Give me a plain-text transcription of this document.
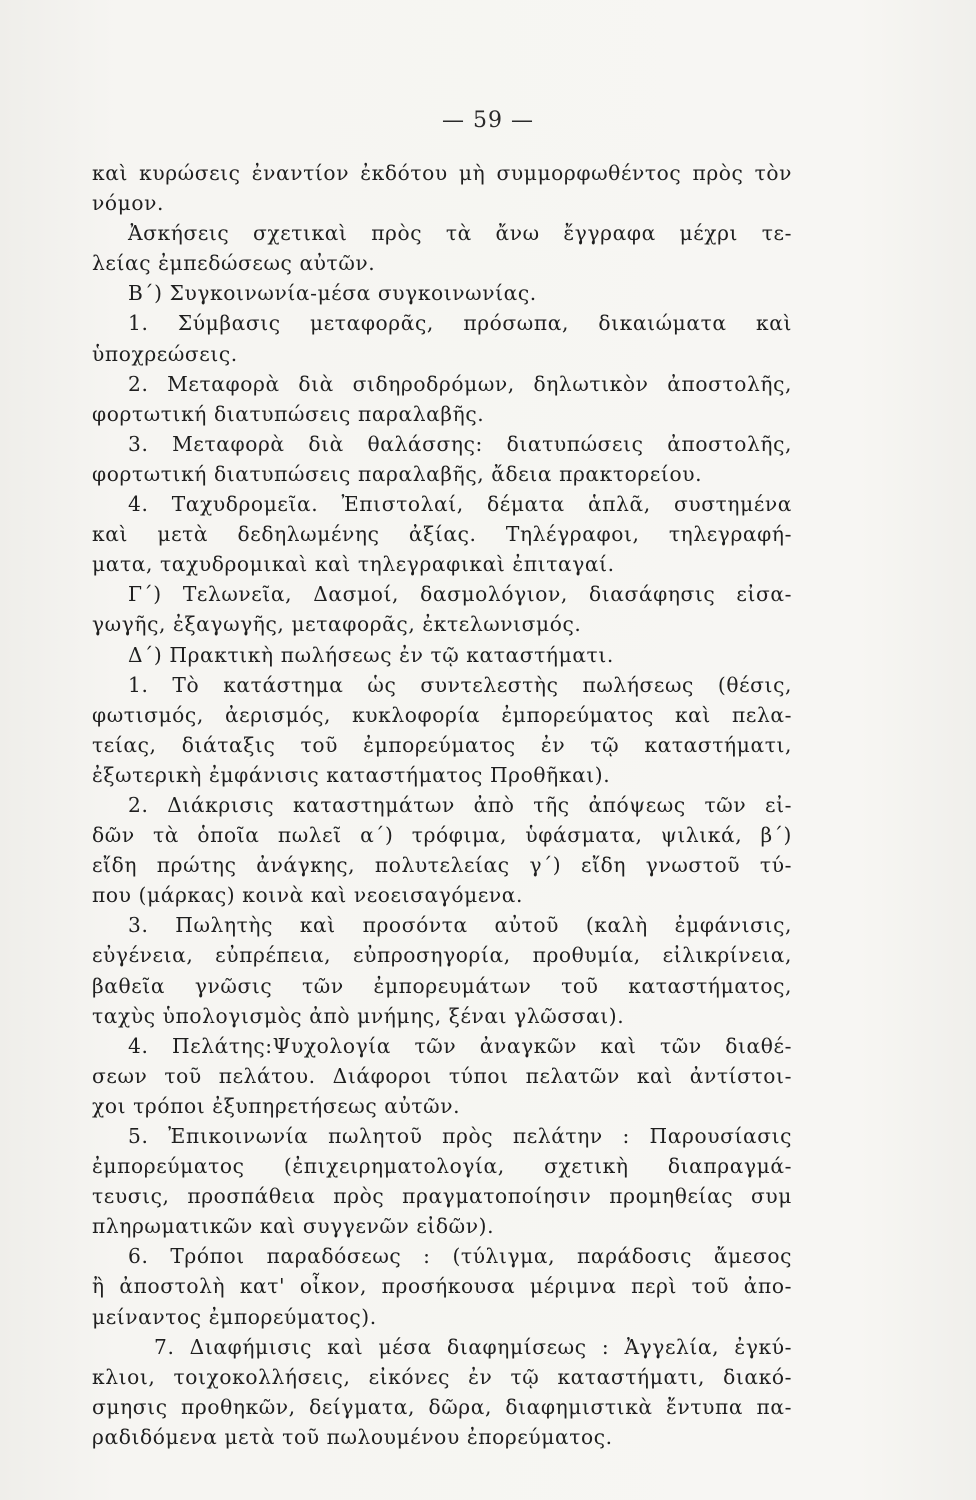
— 59 —
καὶ κυρώσεις ἐναντίον ἐκδότου μὴ συμμορφωθέντος πρὸς τὸν
νόμον.
Ἀσκήσεις σχετικαὶ πρὸς τὰ ἄνω ἔγγραφα μέχρι τε-
λείας ἐμπεδώσεως αὐτῶν.
Β΄) Συγκοινωνία-μέσα συγκοινωνίας.
1. Σύμβασις μεταφορᾶς, πρόσωπα, δικαιώματα καὶ
ὑποχρεώσεις.
2. Μεταφορὰ διὰ σιδηροδρόμων, δηλωτικὸν ἀποστολῆς,
φορτωτική διατυπώσεις παραλαβῆς.
3. Μεταφορὰ διὰ θαλάσσης: διατυπώσεις ἀποστολῆς,
φορτωτική διατυπώσεις παραλαβῆς, ἄδεια πρακτορείου.
4. Ταχυδρομεῖα. Ἐπιστολαί, δέματα ἁπλᾶ, συστημένα
καὶ μετὰ δεδηλωμένης ἀξίας. Τηλέγραφοι, τηλεγραφή-
ματα, ταχυδρομικαὶ καὶ τηλεγραφικαὶ ἐπιταγαί.
Γ΄) Τελωνεῖα, Δασμοί, δασμολόγιον, διασάφησις εἰσα-
γωγῆς, ἐξαγωγῆς, μεταφορᾶς, ἐκτελωνισμός.
Δ΄) Πρακτικὴ πωλήσεως ἐν τῷ καταστήματι.
1. Τὸ κατάστημα ὡς συντελεστὴς πωλήσεως (θέσις,
φωτισμός, ἀερισμός, κυκλοφορία ἐμπορεύματος καὶ πελα-
τείας, διάταξις τοῦ ἐμπορεύματος ἐν τῷ καταστήματι,
ἐξωτερικὴ ἐμφάνισις καταστήματος Προθῆκαι).
2. Διάκρισις καταστημάτων ἀπὸ τῆς ἀπόψεως τῶν εἰ-
δῶν τὰ ὁποῖα πωλεῖ α΄) τρόφιμα, ὑφάσματα, ψιλικά, β΄)
εἴδη πρώτης ἀνάγκης, πολυτελείας γ΄) εἴδη γνωστοῦ τύ-
που (μάρκας) κοινὰ καὶ νεοεισαγόμενα.
3. Πωλητὴς καὶ προσόντα αὐτοῦ (καλὴ ἐμφάνισις,
εὐγένεια, εὐπρέπεια, εὐπροσηγορία, προθυμία, εἰλικρίνεια,
βαθεῖα γνῶσις τῶν ἐμπορευμάτων τοῦ καταστήματος,
ταχὺς ὑπολογισμὸς ἀπὸ μνήμης, ξέναι γλῶσσαι).
4. Πελάτης:Ψυχολογία τῶν ἀναγκῶν καὶ τῶν διαθέ-
σεων τοῦ πελάτου. Διάφοροι τύποι πελατῶν καὶ ἀντίστοι-
χοι τρόποι ἐξυπηρετήσεως αὐτῶν.
5. Ἐπικοινωνία πωλητοῦ πρὸς πελάτην : Παρουσίασις
ἐμπορεύματος (ἐπιχειρηματολογία, σχετικὴ διαπραγμά-
τευσις, προσπάθεια πρὸς πραγματοποίησιν προμηθείας συμ
πληρωματικῶν καὶ συγγενῶν εἰδῶν).
6. Τρόποι παραδόσεως : (τύλιγμα, παράδοσις ἄμεσος
ἢ ἀποστολὴ κατ' οἶκον, προσήκουσα μέριμνα περὶ τοῦ ἀπο-
μείναντος ἐμπορεύματος).
7. Διαφήμισις καὶ μέσα διαφημίσεως : Ἀγγελία, ἐγκύ-
κλιοι, τοιχοκολλήσεις, εἰκόνες ἐν τῷ καταστήματι, διακό-
σμησις προθηκῶν, δείγματα, δῶρα, διαφημιστικὰ ἔντυπα πα-
ραδιδόμενα μετὰ τοῦ πωλουμένου ἐπορεύματος.
